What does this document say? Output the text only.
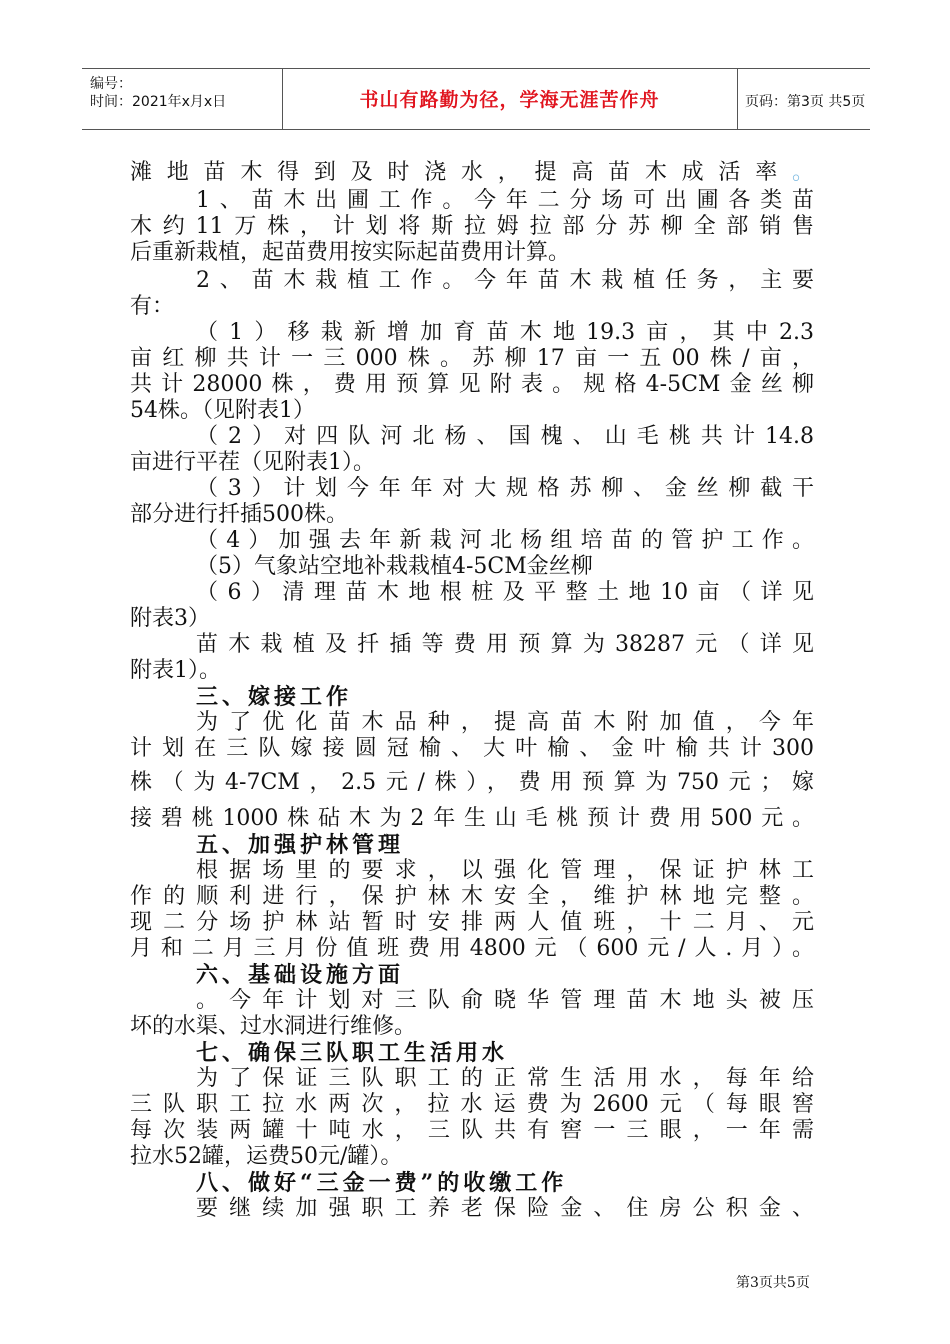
编号：
时间：2021年x月x日	书山有路勤为径，学海无涯苦作舟	页码：第3页 共5页
滩地苗木得到及时浇水，提高苗木成活率。
1、苗木出圃工作。今年二分场可出圃各类苗
木约11万株，计划将斯拉姆拉部分苏柳全部销售
后重新栽植，起苗费用按实际起苗费用计算。
2、苗木栽植工作。今年苗木栽植任务，主要
有：
（1）移栽新增加育苗木地19.3亩，其中2.3
亩红柳共计一三000株。苏柳17亩一五00株/亩，
共计28000株，费用预算见附表。规格4-5CM金丝柳
54株。（见附表1）
（2）对四队河北杨、国槐、山毛桃共计14.8
亩进行平茬（见附表1）。
（3）计划今年年对大规格苏柳、金丝柳截干
部分进行扦插500株。
（4）加强去年新栽河北杨组培苗的管护工作。
（5）气象站空地补栽栽植4-5CM金丝柳
（6）清理苗木地根桩及平整土地10亩（详见
附表3）
苗木栽植及扦插等费用预算为38287元（详见
附表1）。
三、嫁接工作
为了优化苗木品种，提高苗木附加值，今年
计划在三队嫁接圆冠榆、大叶榆、金叶榆共计300
株（为4-7CM，2.5元/株），费用预算为750元；嫁
接碧桃1000株砧木为2年生山毛桃预计费用500元。
五、加强护林管理
根据场里的要求，以强化管理，保证护林工
作的顺利进行，保护林木安全，维护林地完整。
现二分场护林站暂时安排两人值班，十二月、元
月和二月三月份值班费用4800元（600元/人.月）。
六、基础设施方面
。今年计划对三队俞晓华管理苗木地头被压
坏的水渠、过水洞进行维修。
七、确保三队职工生活用水
为了保证三队职工的正常生活用水，每年给
三队职工拉水两次，拉水运费为2600元（每眼窖
每次装两罐十吨水，三队共有窖一三眼，一年需
拉水52罐，运费50元/罐）。
八、做好“三金一费”的收缴工作
要继续加强职工养老保险金、住房公积金、
第3页共5页
